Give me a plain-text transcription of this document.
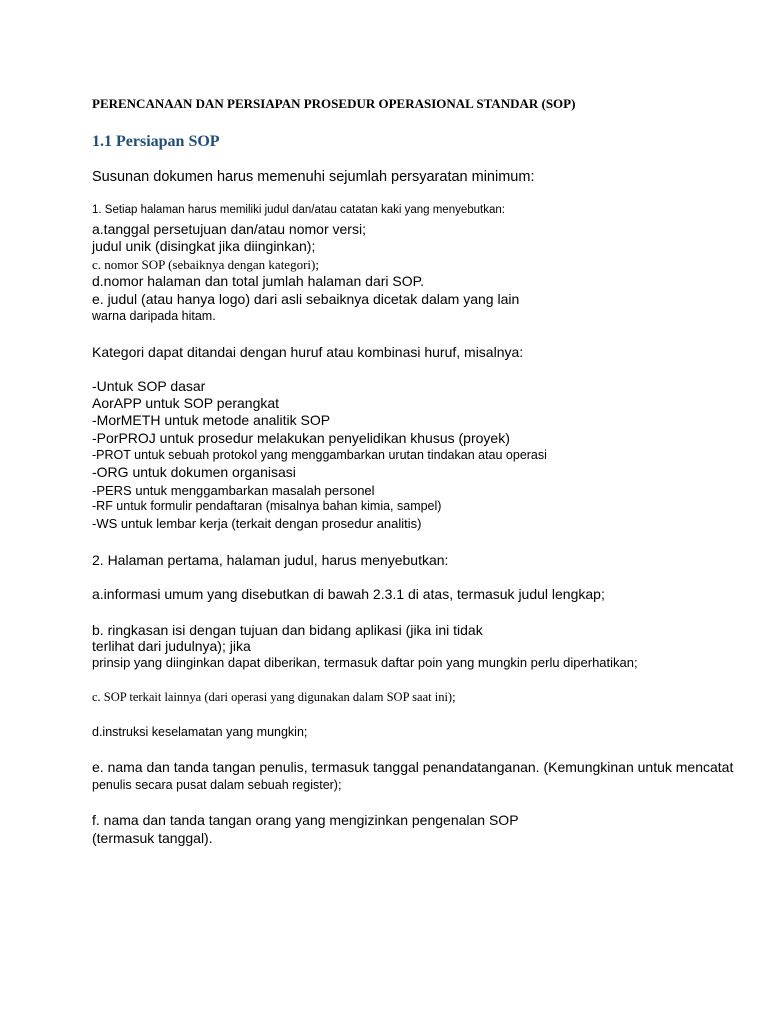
PERENCANAAN DAN PERSIAPAN PROSEDUR OPERASIONAL STANDAR (SOP)

1.1 Persiapan SOP

Susunan dokumen harus memenuhi sejumlah persyaratan minimum:

1. Setiap halaman harus memiliki judul dan/atau catatan kaki yang menyebutkan:

a.tanggal persetujuan dan/atau nomor versi;

judul unik (disingkat jika diinginkan);

c. nomor SOP (sebaiknya dengan kategori);

d.nomor halaman dan total jumlah halaman dari SOP.

e. judul (atau hanya logo) dari asli sebaiknya dicetak dalam yang lain

warna daripada hitam.

Kategori dapat ditandai dengan huruf atau kombinasi huruf, misalnya:

-Untuk SOP dasar

AorAPP untuk SOP perangkat

-MorMETH untuk metode analitik SOP

-PorPROJ untuk prosedur melakukan penyelidikan khusus (proyek)

-PROT untuk sebuah protokol yang menggambarkan urutan tindakan atau operasi

-ORG untuk dokumen organisasi

-PERS untuk menggambarkan masalah personel

-RF untuk formulir pendaftaran (misalnya bahan kimia, sampel)

-WS untuk lembar kerja (terkait dengan prosedur analitis)

2. Halaman pertama, halaman judul, harus menyebutkan:

a.informasi umum yang disebutkan di bawah 2.3.1 di atas, termasuk judul lengkap;

b. ringkasan isi dengan tujuan dan bidang aplikasi (jika ini tidak

terlihat dari judulnya); jika

prinsip yang diinginkan dapat diberikan, termasuk daftar poin yang mungkin perlu diperhatikan;

c. SOP terkait lainnya (dari operasi yang digunakan dalam SOP saat ini);

d.instruksi keselamatan yang mungkin;

e. nama dan tanda tangan penulis, termasuk tanggal penandatanganan. (Kemungkinan untuk mencatat

penulis secara pusat dalam sebuah register);

f. nama dan tanda tangan orang yang mengizinkan pengenalan SOP

(termasuk tanggal).
